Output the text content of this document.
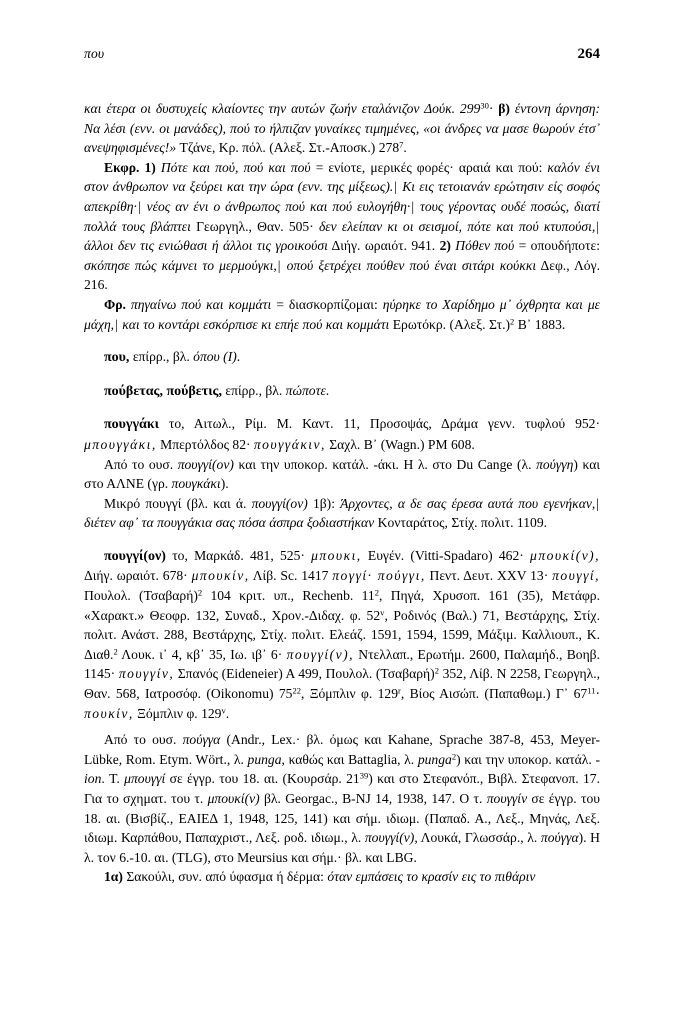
που	264

και έτερα οι δυστυχείς κλαίοντες την αυτών ζωήν εταλάνιζον Δούκ. $299^{30}\cdot \beta$) έντονη άρνηση: Να λέσι (ενν. οι μανάδες), πού το ήλπιζαν γυναίκες τιμημένες, «οι άνδρες να μασε θωρούν έτσ᾽ ανεψηφισμένες!» Τζάνε, Κρ. πόλ. (Αλεξ. Στ.-Αποσκ.) $278^7$.

Εκφρ. 1) Πότε και πού, πού και πού = ενίοτε, μερικές φορές· αραιά και πού: καλόν ένι στον άνθρωπον να ξεύρει και την ώρα (ενν. της μίξεως).| Κι εις τετοιανάν ερώτησιν είς σοφός απεκρίθη·| νέος αν ένι ο άνθρωπος πού και πού ευλογήθη·| τους γέροντας ουδέ ποσώς, διατί πολλά τους βλάπτει Γεωργηλ., Θαν. 505· δεν ελείπαν κι οι σεισμοί, πότε και πού κτυπούσι,| άλλοι δεν τις ενιώθασι ή άλλοι τις γροικούσι Διήγ. ωραιότ. 941. 2) Πόθεν πού = οπουδήποτε: σκόπησε πώς κάμνει το μερμούγκι,| οπού ξετρέχει πούθεν πού έναι σιτάρι κούκκι Δεφ., Λόγ. 216.

Φρ. πηγαίνω πού και κομμάτι = διασκορπίζομαι: ηύρηκε το Χαρίδημο μ᾽ όχθρητα και με μάχη,| και το κοντάρι εσκόρπισε κι επήε πού και κομμάτι Ερωτόκρ. (Αλεξ. Στ.)$^2$ Β᾽ 1883.

που, επίρρ., βλ. όπου (I).

πούβετας, πούβετις, επίρρ., βλ. πώποτε.

πουγγάκι το, Αιτωλ., Ρίμ. Μ. Καντ. 11, Προσοψάς, Δράμα γενν. τυφλού 952· μπουγγάκι, Μπερτόλδος 82· πουγγάκιν, Σαχλ. Β᾽ (Wagn.) PM 608.

Από το ουσ. πουγγί(ον) και την υποκορ. κατάλ. -άκι. Η λ. στο Du Cange (λ. πούγγη) και στο ΑΛΝΕ (γρ. πουγκάκι).

Μικρό πουγγί (βλ. και ά. πουγγί(ον) 1β): Άρχοντες, α δε σας έρεσα αυτά που εγενήκαν,| διέτεν αφ᾽ τα πουγγάκια σας πόσα άσπρα ξοδιαστήκαν Κονταράτος, Στίχ. πολιτ. 1109.

πουγγί(ον) το, Μαρκάδ. 481, 525· μπουκι, Ευγέν. (Vitti-Spadaro) 462· μπουκί(ν), Διήγ. ωραιότ. 678· μπουκίν, Λίβ. Sc. 1417 πογγί· πούγγι, Πεντ. Δευτ. XXV 13· πουγγί, Πουλολ. $(T\sigma\alpha\beta\alpha\rho ή)^2$ 104 κριτ. υπ., Rechenb. $11^2$, Πηγά, Χρυσοπ. 161 (35), Μετάφρ. «Χαρακτ.» Θεοφρ. 132, Συναδ., Χρον.-Διδαχ. φ. 52$^v$, Ροδινός (Βαλ.) 71, Βεστάρχης, Στίχ. πολιτ. Ανάστ. 288, Βεστάρχης, Στίχ. πολιτ. Ελεάζ. 1591, 1594, 1599, Μάξιμ. Καλλιουπ., Κ. Διαθ.$^2$ Λουκ. ι᾽ 4, κβ᾽ 35, Ιω. ιβ᾽ 6· πουγγί(ν), Ντελλαπ., Ερωτήμ. 2600, Παλαμήδ., Βοηβ. 1145· πουγγίν, Σπανός (Eideneier) Α 499, Πουλολ. $(T\sigma\alpha\beta\alpha\rho ή)^2$ 352, Λίβ. Ν 2258, Γεωργηλ., Θαν. 568, Ιατροσόφ. (Oikonomu) $75^{22}$, Ξόμπλιν φ. 129$^r$, Βίος Αισώπ. (Παπαθωμ.) Γ᾽ $67^{11}\cdot \pi o\upsilon\kappa ί\nu$, Ξόμπλιν φ. 129$^v$.

Από το ουσ. πούγγα (Andr., Lex.· βλ. όμως και Kahane, Sprache 387-8, 453, Meyer-Lübke, Rom. Etym. Wört., λ. punga, καθώς και Battaglia, λ. punga$^2$) και την υποκορ. κατάλ. -ion. Τ. μπουγγί σε έγγρ. του 18. αι. (Κουρσάρ. $21^{39}$) και στο Στεφανόπ., Βιβλ. Στεφανοπ. 17. Για το σχηματ. του τ. μπουκί(ν) βλ. Georgac., B-NJ 14, 1938, 147. Ο τ. πουγγίν σε έγγρ. του 18. αι. (Βισβίζ., ΕΑΙΕΔ 1, 1948, 125, 141) και σήμ. ιδιωμ. (Παπαδ. Α., Λεξ., Μηνάς, Λεξ. ιδιωμ. Καρπάθου, Παπαχριστ., Λεξ. ροδ. ιδιωμ., λ. πουγγί(ν), Λουκά, Γλωσσάρ., λ. πούγγα). Η λ. τον 6.-10. αι. (TLG), στο Meursius και σήμ.· βλ. και LBG.

1α) Σακούλι, συν. από ύφασμα ή δέρμα: όταν εμπάσεις το κρασίν εις το πιθάριν
